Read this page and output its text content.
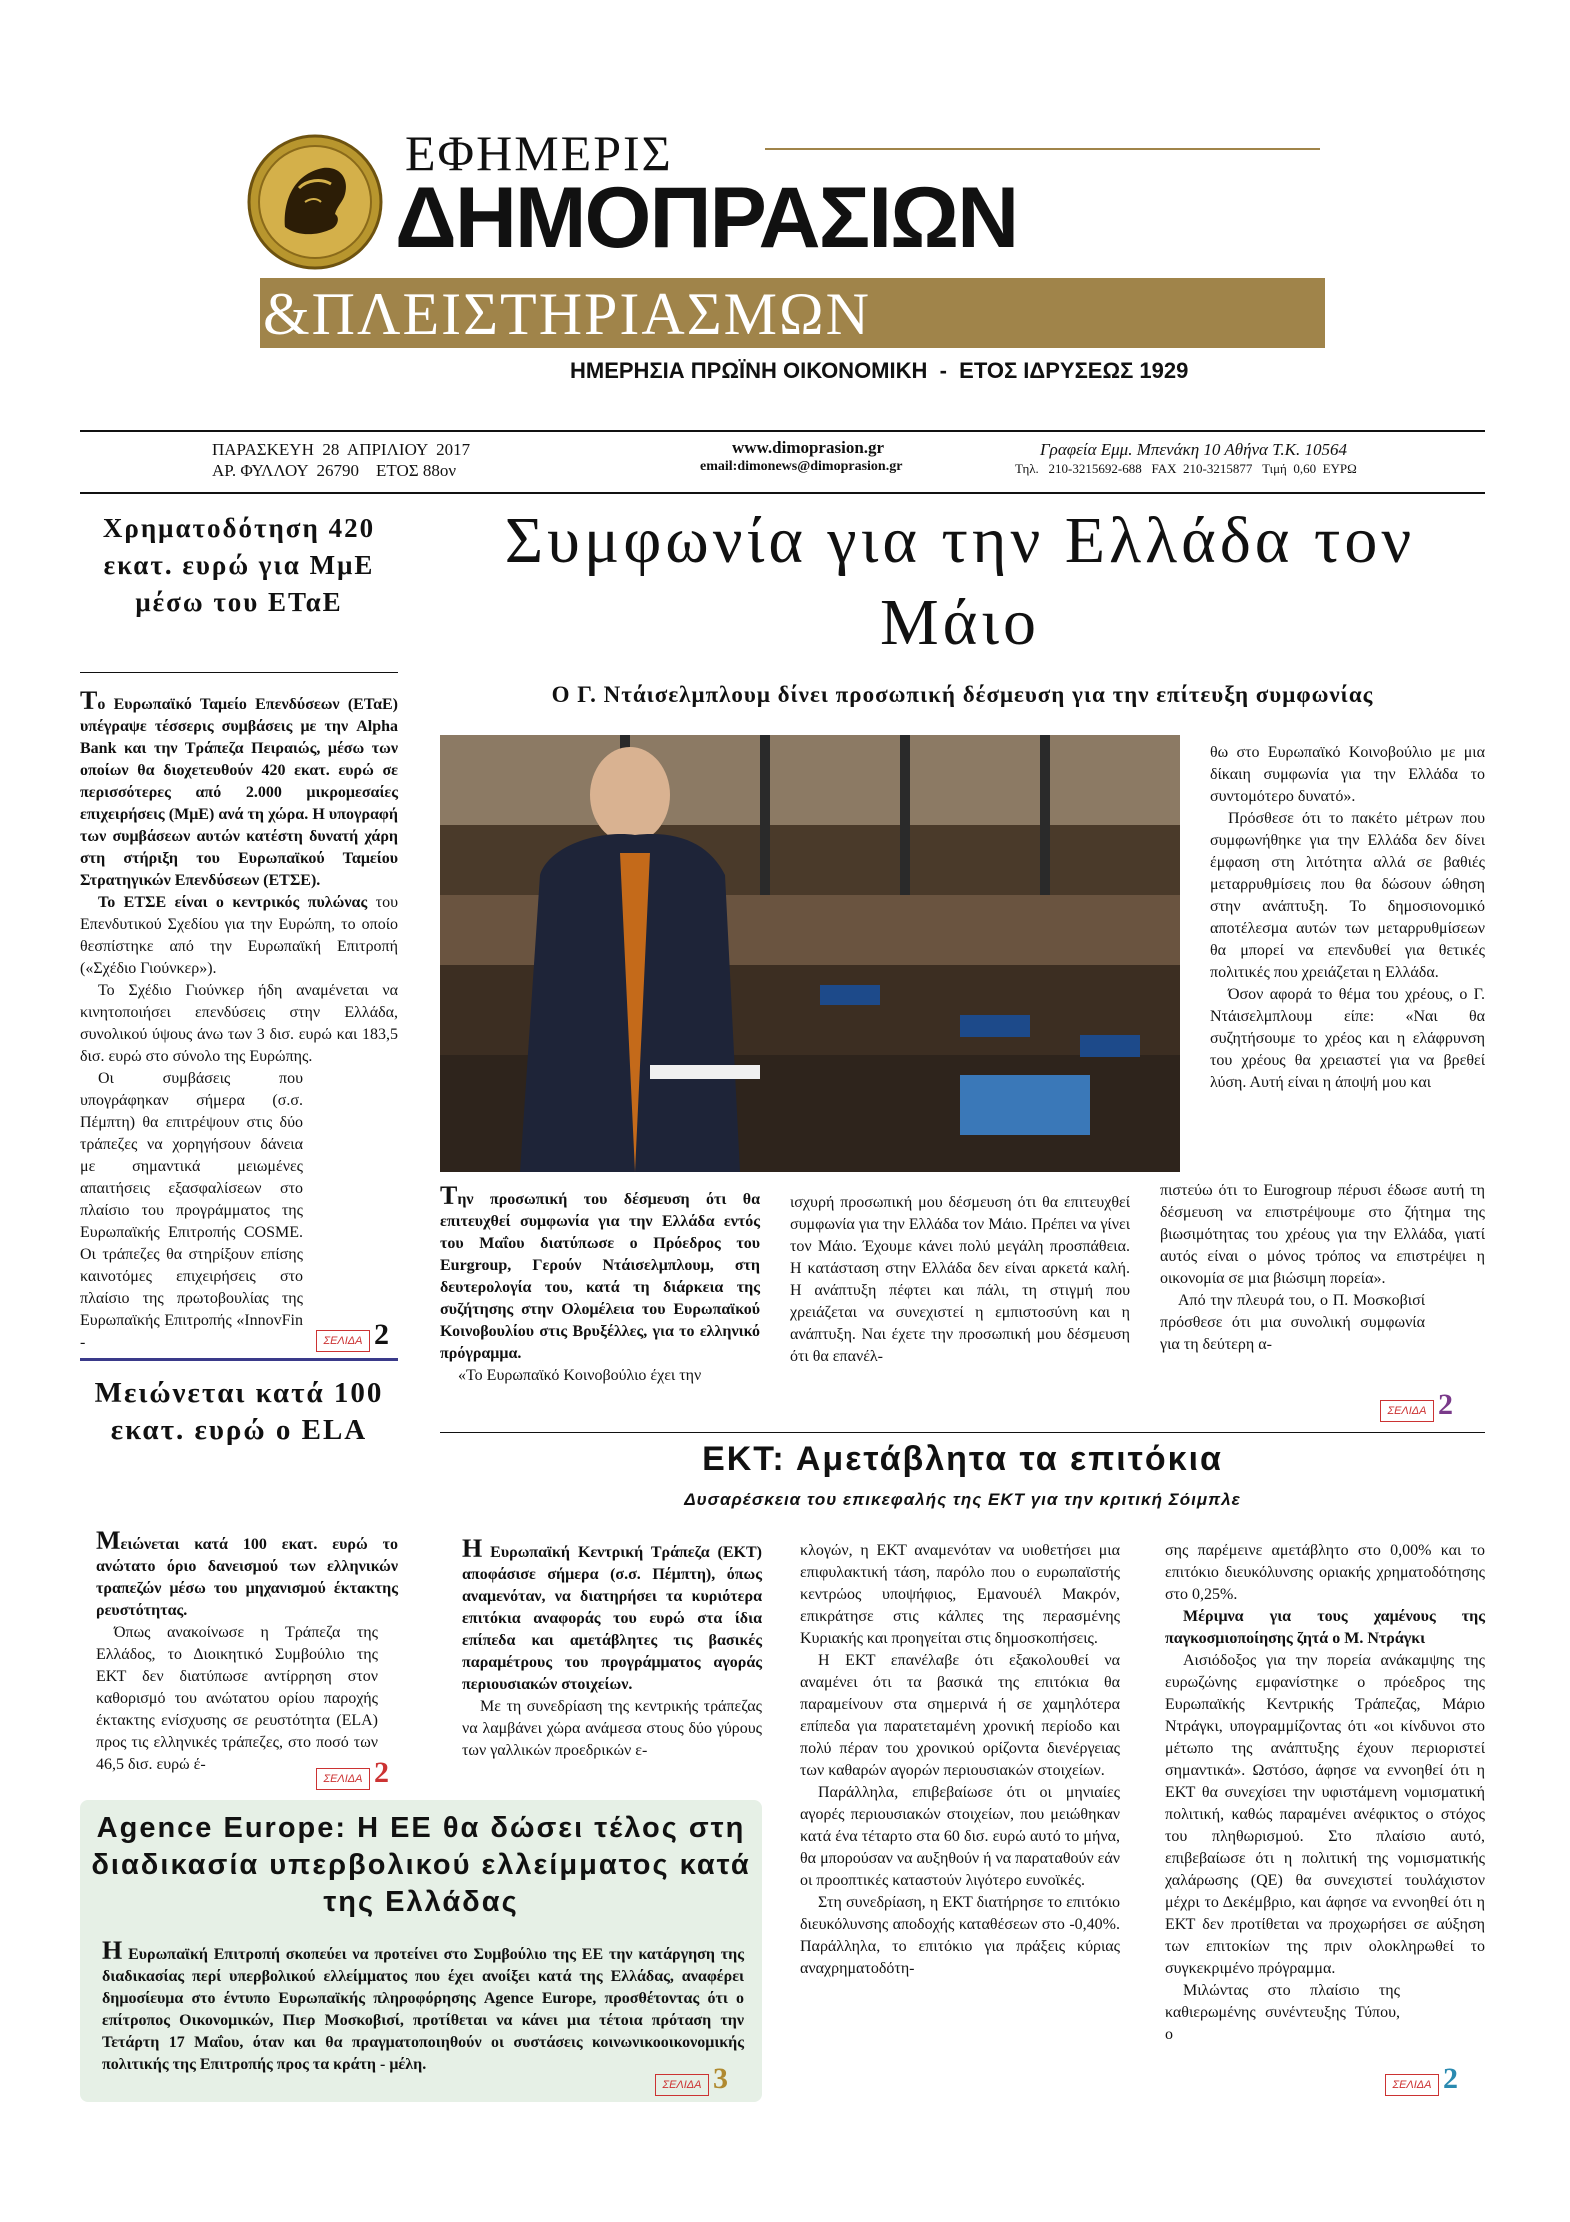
ΕΦΗΜΕΡΙΣ
ΔΗΜΟΠΡΑΣΙΩΝ
&ΠΛΕΙΣΤΗΡΙΑΣΜΩΝ
ΗΜΕΡΗΣΙΑ ΠΡΩΪΝΗ ΟΙΚΟΝΟΜΙΚΗ  -  ΕΤΟΣ ΙΔΡΥΣΕΩΣ 1929
ΠΑΡΑΣΚΕΥΗ  28  ΑΠΡΙΛΙΟΥ  2017
ΑΡ. ΦΥΛΛΟΥ  26790    ΕΤΟΣ 88ον
www.dimoprasion.gr
email:dimonews@dimoprasion.gr
Γραφεία Εμμ. Μπενάκη 10 Αθήνα Τ.Κ. 10564
Τηλ.   210-3215692-688   FAX  210-3215877   Τιμή  0,60  ΕΥΡΩ
Χρηματοδότηση 420 εκατ. ευρώ για ΜμΕ μέσω του ΕΤαΕ

Το Ευρωπαϊκό Ταμείο Επενδύσεων (ΕΤαΕ) υπέγραψε τέσσερις συμβάσεις με την Alpha Bank και την Τράπεζα Πειραιώς, μέσω των οποίων θα διοχετευθούν 420 εκατ. ευρώ σε περισσότερες από 2.000 μικρομεσαίες επιχειρήσεις (ΜμΕ) ανά τη χώρα. Η υπογραφή των συμβάσεων αυτών κατέστη δυνατή χάρη στη στήριξη του Ευρωπαϊκού Ταμείου Στρατηγικών Επενδύσεων (ΕΤΣΕ).

Το ΕΤΣΕ είναι ο κεντρικός πυλώνας του Επενδυτικού Σχεδίου για την Ευρώπη, το οποίο θεσπίστηκε από την Ευρωπαϊκή Επιτροπή («Σχέδιο Γιούνκερ»).

Το Σχέδιο Γιούνκερ ήδη αναμένεται να κινητοποιήσει επενδύσεις στην Ελλάδα, συνολικού ύψους άνω των 3 δισ. ευρώ και 183,5 δισ. ευρώ στο σύνολο της Ευρώπης.

Οι συμβάσεις που υπογράφηκαν σήμερα (σ.σ. Πέμπτη) θα επιτρέψουν στις δύο τράπεζες να χορηγήσουν δάνεια με σημαντικά μειωμένες απαιτήσεις εξασφαλίσεων στο πλαίσιο του προγράμματος της Ευρωπαϊκής Επιτροπής COSME. Οι τράπεζες θα στηρίξουν επίσης καινοτόμες επιχειρήσεις στο πλαίσιο της πρωτοβουλίας της Ευρωπαϊκής Επιτροπής «InnovFin -	ΣΕΛΙΔΑ 2
Μειώνεται κατά 100 εκατ. ευρώ ο ELA

Μειώνεται κατά 100 εκατ. ευρώ το ανώτατο όριο δανεισμού των ελληνικών τραπεζών μέσω του μηχανισμού έκτακτης ρευστότητας.

Όπως ανακοίνωσε η Τράπεζα της Ελλάδος, το Διοικητικό Συμβούλιο της ΕΚΤ δεν διατύπωσε αντίρρηση στον καθορισμό του ανώτατου ορίου παροχής έκτακτης ενίσχυσης σε ρευστότητα (ELA) προς τις ελληνικές τράπεζες, στο ποσό των 46,5 δισ. ευρώ έ-

ΣΕΛΙΔΑ 2
Agence Europe: Η ΕΕ θα δώσει τέλος στη διαδικασία υπερβολικού ελλείμματος κατά της Ελλάδας

Η Ευρωπαϊκή Επιτροπή σκοπεύει να προτείνει στο Συμβούλιο της ΕΕ την κατάργηση της διαδικασίας περί υπερβολικού ελλείμματος που έχει ανοίξει κατά της Ελλάδας, αναφέρει δημοσίευμα στο έντυπο Ευρωπαϊκής πληροφόρησης Agence Europe, προσθέτοντας ότι ο επίτροπος Οικονομικών, Πιερ Μοσκοβισί, προτίθεται να κάνει μια τέτοια πρόταση την Τετάρτη 17 Μαΐου, όταν και θα πραγματοποιηθούν οι συστάσεις κοινωνικοοικονομικής πολιτικής της Επιτροπής προς τα κράτη - μέλη.

ΣΕΛΙΔΑ 3
Συμφωνία για την Ελλάδα τον Μάιο
Ο Γ. Ντάισελμπλουμ δίνει προσωπική δέσμευση για την επίτευξη συμφωνίας

Την προσωπική του δέσμευση ότι θα επιτευχθεί συμφωνία για την Ελλάδα εντός του Μαΐου διατύπωσε ο Πρόεδρος του Eurgroup, Γερούν Ντάισελμπλουμ, στη δευτερολογία του, κατά τη διάρκεια της συζήτησης στην Ολομέλεια του Ευρωπαϊκού Κοινοβουλίου στις Βρυξέλλες, για το ελληνικό πρόγραμμα.

«Το Ευρωπαϊκό Κοινοβούλιο έχει την

ισχυρή προσωπική μου δέσμευση ότι θα επιτευχθεί συμφωνία για την Ελλάδα τον Μάιο. Πρέπει να γίνει τον Μάιο. Έχουμε κάνει πολύ μεγάλη προσπάθεια. Η κατάσταση στην Ελλάδα δεν είναι αρκετά καλή. Η ανάπτυξη πέφτει και πάλι, τη στιγμή που χρειάζεται να συνεχιστεί η εμπιστοσύνη και η ανάπτυξη. Ναι έχετε την προσωπική μου δέσμευση ότι θα επανέλ-

θω στο Ευρωπαϊκό Κοινοβούλιο με μια δίκαιη συμφωνία για την Ελλάδα το συντομότερο δυνατό».

Πρόσθεσε ότι το πακέτο μέτρων που συμφωνήθηκε για την Ελλάδα δεν δίνει έμφαση στη λιτότητα αλλά σε βαθιές μεταρρυθμίσεις που θα δώσουν ώθηση στην ανάπτυξη. Το δημοσιονομικό αποτέλεσμα αυτών των μεταρρυθμίσεων θα μπορεί να επενδυθεί για θετικές πολιτικές που χρειάζεται η Ελλάδα.

Όσον αφορά το θέμα του χρέους, ο Γ. Ντάισελμπλουμ είπε: «Ναι θα συζητήσουμε το χρέος και η ελάφρυνση του χρέους θα χρειαστεί για να βρεθεί λύση. Αυτή είναι η άποψή μου και

πιστεύω ότι το Eurogroup πέρυσι έδωσε αυτή τη δέσμευση να επιστρέψουμε στο ζήτημα της βιωσιμότητας του χρέους για την Ελλάδα, γιατί αυτός είναι ο μόνος τρόπος να επιστρέψει η οικονομία σε μια βιώσιμη πορεία».

Από την πλευρά του, ο Π. Μοσκοβισί πρόσθεσε ότι μια συνολική συμφωνία για τη δεύτερη α-

ΣΕΛΙΔΑ 2
ΕΚΤ: Αμετάβλητα τα επιτόκια
Δυσαρέσκεια του επικεφαλής της ΕΚΤ για την κριτική Σόιμπλε

Η Ευρωπαϊκή Κεντρική Τράπεζα (ΕΚΤ) αποφάσισε σήμερα (σ.σ. Πέμπτη), όπως αναμενόταν, να διατηρήσει τα κυριότερα επιτόκια αναφοράς του ευρώ στα ίδια επίπεδα και αμετάβλητες τις βασικές παραμέτρους του προγράμματος αγοράς περιουσιακών στοιχείων.

Με τη συνεδρίαση της κεντρικής τράπεζας να λαμβάνει χώρα ανάμεσα στους δύο γύρους των γαλλικών προεδρικών ε-

κλογών, η ΕΚΤ αναμενόταν να υιοθετήσει μια επιφυλακτική τάση, παρόλο που ο ευρωπαϊστής κεντρώος υποψήφιος, Εμανουέλ Μακρόν, επικράτησε στις κάλπες της περασμένης Κυριακής και προηγείται στις δημοσκοπήσεις.

Η ΕΚΤ επανέλαβε ότι εξακολουθεί να αναμένει ότι τα βασικά της επιτόκια θα παραμείνουν στα σημερινά ή σε χαμηλότερα επίπεδα για παρατεταμένη χρονική περίοδο και πολύ πέραν του χρονικού ορίζοντα διενέργειας των καθαρών αγορών περιουσιακών στοιχείων.

Παράλληλα, επιβεβαίωσε ότι οι μηνιαίες αγορές περιουσιακών στοιχείων, που μειώθηκαν κατά ένα τέταρτο στα 60 δισ. ευρώ αυτό το μήνα, θα μπορούσαν να αυξηθούν ή να παραταθούν εάν οι προοπτικές καταστούν λιγότερο ευνοϊκές.

Στη συνεδρίαση, η ΕΚΤ διατήρησε το επιτόκιο διευκόλυνσης αποδοχής καταθέσεων στο -0,40%. Παράλληλα, το επιτόκιο για πράξεις κύριας αναχρηματοδότη-

σης παρέμεινε αμετάβλητο στο 0,00% και το επιτόκιο διευκόλυνσης οριακής χρηματοδότησης στο 0,25%.

Μέριμνα για τους χαμένους της παγκοσμιοποίησης ζητά ο Μ. Ντράγκι

Αισιόδοξος για την πορεία ανάκαμψης της ευρωζώνης εμφανίστηκε ο πρόεδρος της Ευρωπαϊκής Κεντρικής Τράπεζας, Μάριο Ντράγκι, υπογραμμίζοντας ότι «οι κίνδυνοι στο μέτωπο της ανάπτυξης έχουν περιοριστεί σημαντικά». Ωστόσο, άφησε να εννοηθεί ότι η ΕΚΤ θα συνεχίσει την υφιστάμενη νομισματική πολιτική, καθώς παραμένει ανέφικτος ο στόχος του πληθωρισμού. Στο πλαίσιο αυτό, επιβεβαίωσε ότι η πολιτική της νομισματικής χαλάρωσης (QE) θα συνεχιστεί τουλάχιστον μέχρι το Δεκέμβριο, και άφησε να εννοηθεί ότι η ΕΚΤ δεν προτίθεται να προχωρήσει σε αύξηση των επιτοκίων της πριν ολοκληρωθεί το συγκεκριμένο πρόγραμμα.

Μιλώντας στο πλαίσιο της καθιερωμένης συνέντευξης Τύπου, ο

ΣΕΛΙΔΑ 2
